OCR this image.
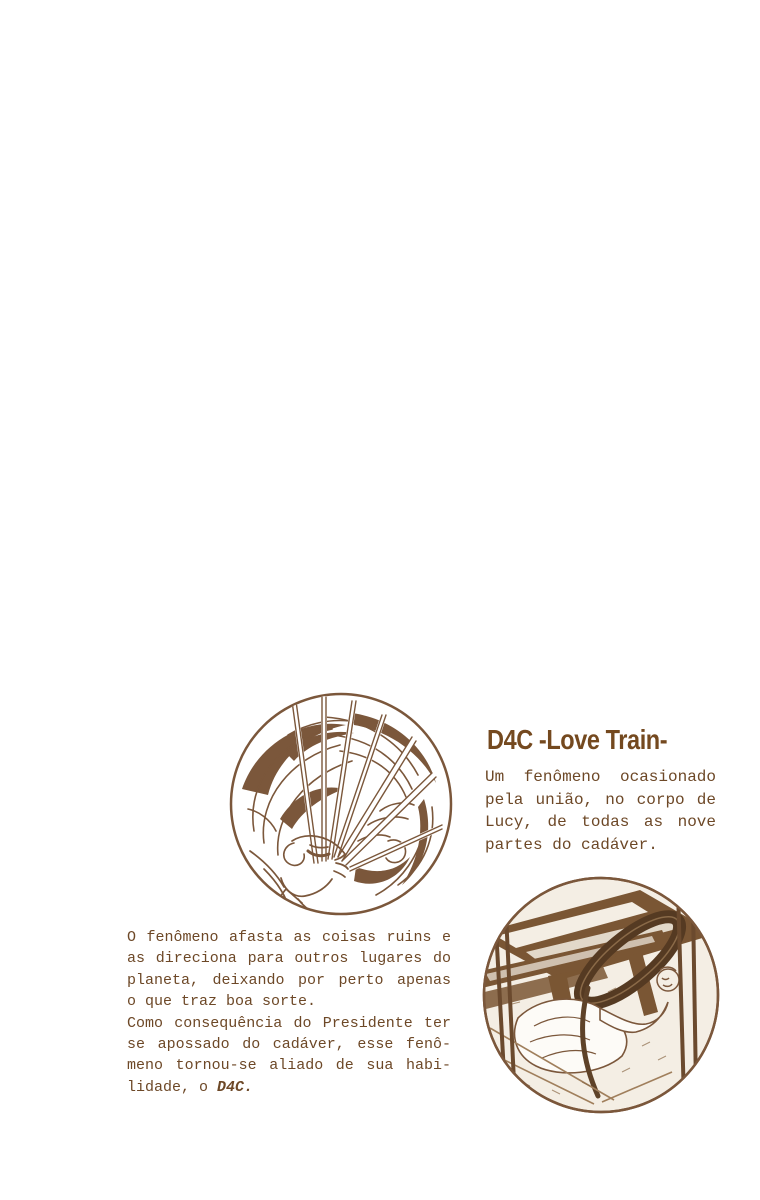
D4C -Love Train-
Um fenômeno ocasionado
pela união, no corpo de
Lucy, de todas as nove
partes do cadáver.
O fenômeno afasta as coisas ruins e
as direciona para outros lugares do
planeta, deixando por perto apenas
o que traz boa sorte.
Como consequência do Presidente ter
se apossado do cadáver, esse fenô-
meno tornou-se aliado de sua habi-
lidade, o D4C.
